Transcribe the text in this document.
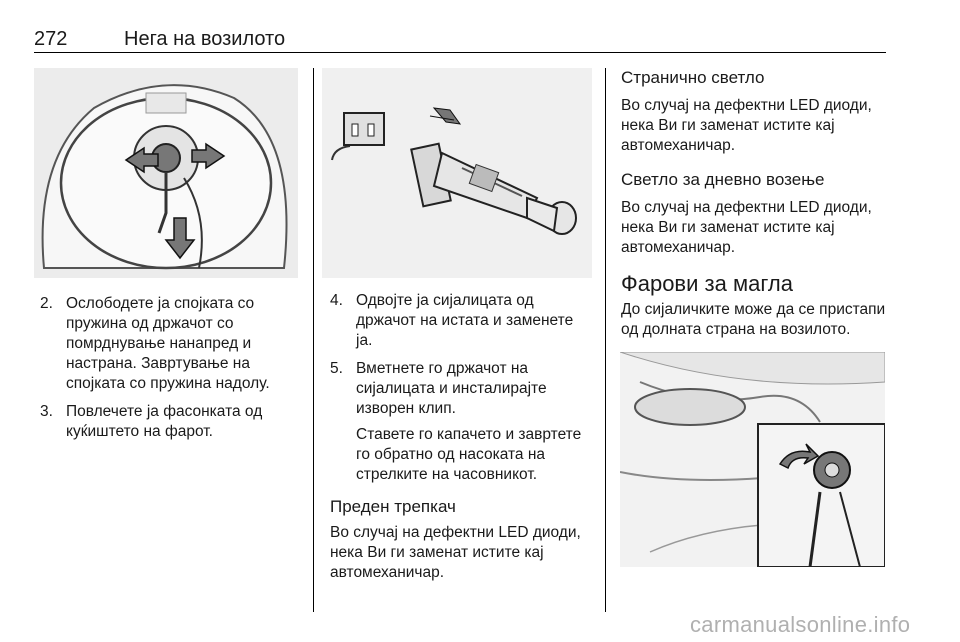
272	Нега на возилото
2. Ослободете ја спојката со пружина од држачот со помрднување нанапред и настрана. Завртување на спојката со пружина надолу.
3. Повлечете ја фасонката од куќиштето на фарот.
4. Одвојте ја сијалицата од држачот на истата и заменете ја.
5. Вметнете го држачот на сијалицата и инсталирајте изворен клип.

Ставете го капачето и завртете го обратно од насоката на стрелките на часовникот.

Преден трепкач

Во случај на дефектни LED диоди, нека Ви ги заменат истите кај автомеханичар.

Странично светло

Во случај на дефектни LED диоди, нека Ви ги заменат истите кај автомеханичар.

Светло за дневно возење

Во случај на дефектни LED диоди, нека Ви ги заменат истите кај автомеханичар.

Фарови за магла

До сијаличките може да се пристапи од долната страна на возилото.

carmanualsonline.info
